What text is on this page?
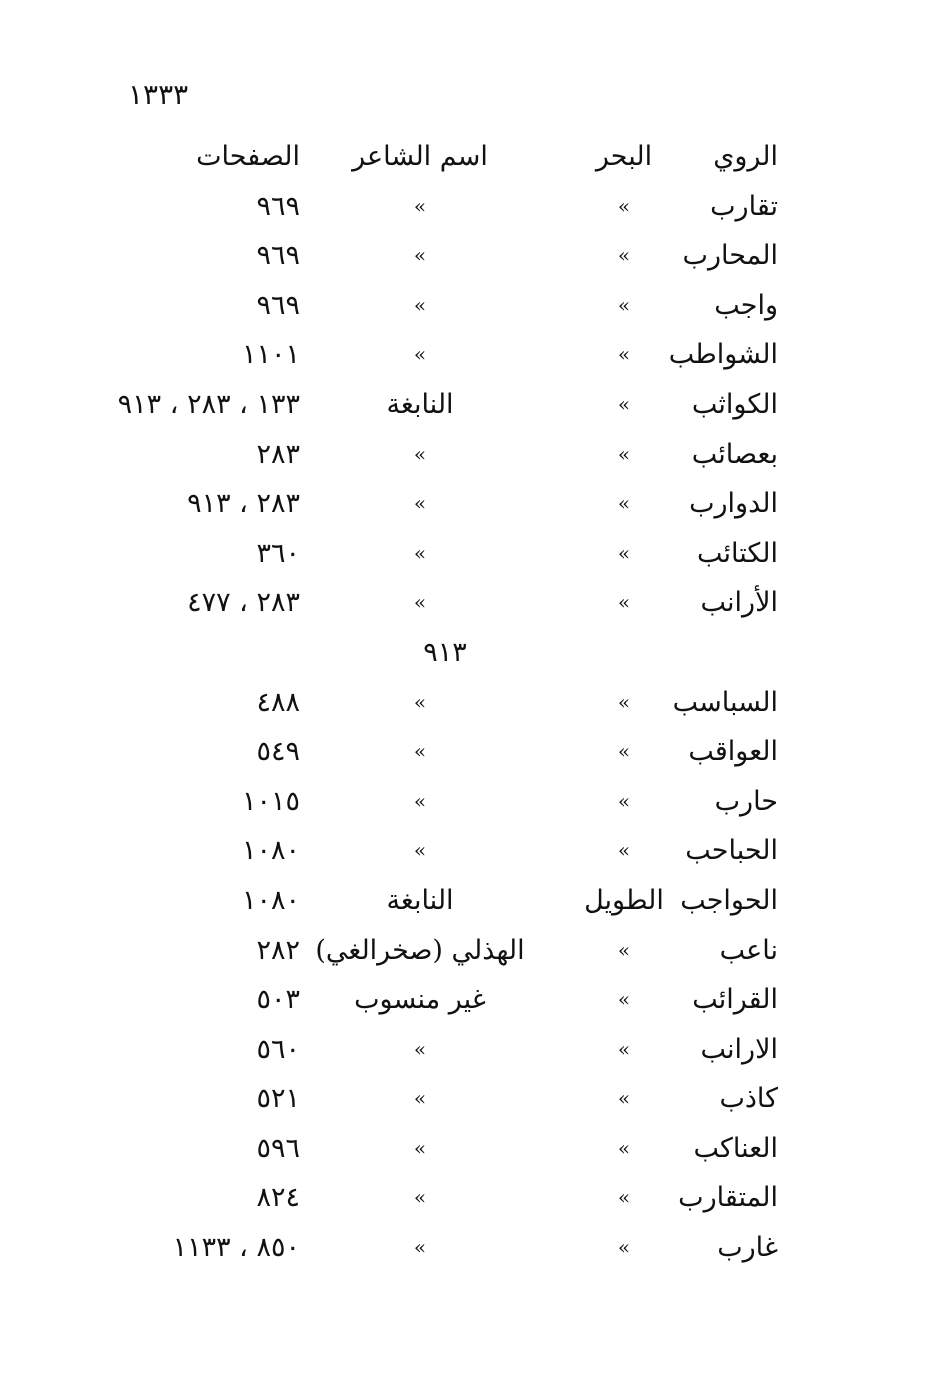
١٣٣٣
الروي
البحر
اسم الشاعر
الصفحات
تقارب
»
»
٩٦٩
المحارب
»
»
٩٦٩
واجب
»
»
٩٦٩
الشواطب
»
»
١١٠١
الكواثب
»
النابغة
١٣٣ ، ٢٨٣ ، ٩١٣
بعصائب
»
»
٢٨٣
الدوارب
»
»
٢٨٣ ، ٩١٣
الكتائب
»
»
٣٦٠
الأرانب
»
»
٢٨٣ ، ٤٧٧
٩١٣
السباسب
»
»
٤٨٨
العواقب
»
»
٥٤٩
حارب
»
»
١٠١٥
الحباحب
»
»
١٠٨٠
الحواجب
الطويل
النابغة
١٠٨٠
ناعب
»
الهذلي (صخرالغي)
٢٨٢
القرائب
»
غير منسوب
٥٠٣
الارانب
»
»
٥٦٠
كاذب
»
»
٥٢١
العناكب
»
»
٥٩٦
المتقارب
»
»
٨٢٤
غارب
»
»
٨٥٠ ، ١١٣٣
